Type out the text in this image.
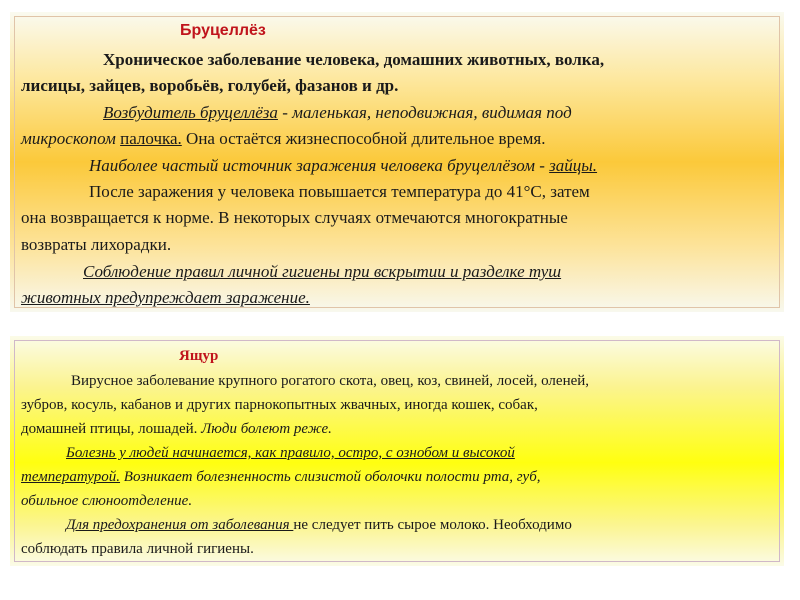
Бруцеллёз
Хроническое заболевание человека, домашних животных, волка,
лисицы, зайцев, воробьёв, голубей, фазанов и др.
Возбудитель бруцеллёза - маленькая, неподвижная, видимая под
микроскопом палочка. Она остаётся жизнеспособной длительное время.
Наиболее частый источник заражения человека бруцеллёзом - зайцы.
После заражения у человека повышается температура до 41°С, затем
она возвращается к норме. В некоторых случаях отмечаются многократные
возвраты лихорадки.
Соблюдение правил личной гигиены при вскрытии и разделке туш
животных предупреждает заражение.
Ящур
Вирусное заболевание крупного рогатого скота, овец, коз, свиней, лосей, оленей,
зубров, косуль, кабанов и других парнокопытных жвачных, иногда кошек, собак,
домашней птицы, лошадей. Люди болеют реже.
Болезнь у людей начинается, как правило, остро, с ознобом и высокой
температурой. Возникает болезненность слизистой оболочки полости рта, губ,
обильное слюноотделение.
Для предохранения от заболевания не следует пить сырое молоко. Необходимо
соблюдать правила личной гигиены.
